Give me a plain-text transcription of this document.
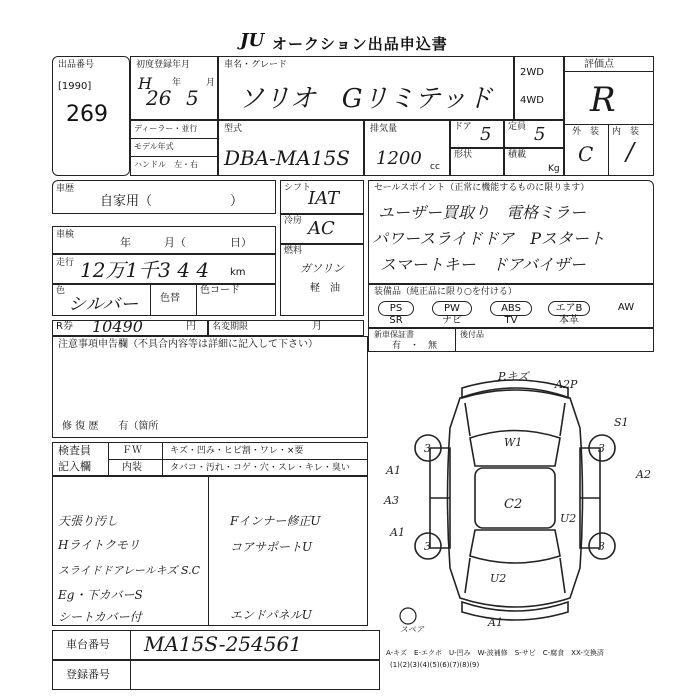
JU オークション出品申込書
出品番号
[1990]
269
初度登録年月
H
26
年
5
月
車名・グレード
ソリオ　Gリミテッド
2WD
4WD
評価点
R
外　装 内　装
C /
ディーラー・並行
モデル年式
ハンドル　左・右
型式
DBA-MA15S
排気量
1200 cc
ドア 5 定員 5
形状	積載
Kg
車歴
自家用（　　　　　　）
車検
年　　　月（　　　　日）
走行 12万1千3 4 4 km
色
シルバー 色替
色コード
R券 10490	円 名変期限	月
シフト
IAT
冷房 AC
燃料
ガソリン
軽　油
セールスポイント（正常に機能するものに限ります）
ユーザー買取り　電格ミラー
パワースライドドア　Pスタート
スマートキー　ドアバイザー
装備品（純正品に限り○を付ける）
PS	PW	ABS	エアB	AW
SR	ナビ	TV	本革
新車保証書
有　・　無
後付品
注意事項申告欄（不具合内容等は詳細に記入して下さい）
修 復 歴　　有（箇所
検査員
記入欄
ＦＷ	キズ・凹み・ヒビ割・ワレ・×要
内装	タバコ・汚れ・コゲ・穴・スレ・キレ・臭い
天張り汚し
Hライトクモリ
スライドドアレールキズ S.C
Eg・下カバーS
シートカバー付
Fインナー修正U
コアサポートU
エンドパネルU
P.キズ
A2P
S1
W1
A2
A1
A3
A1
C2
U2
U2
A1
スペア
3	3
3	3
車台番号 MA15S-254561
登録番号
A-キズ　E-エクボ　U-凹み　W-波補修　S-サビ　C-腐食　XX-交換済
(1)(2)(3)(4)(5)(6)(7)(8)(9)
